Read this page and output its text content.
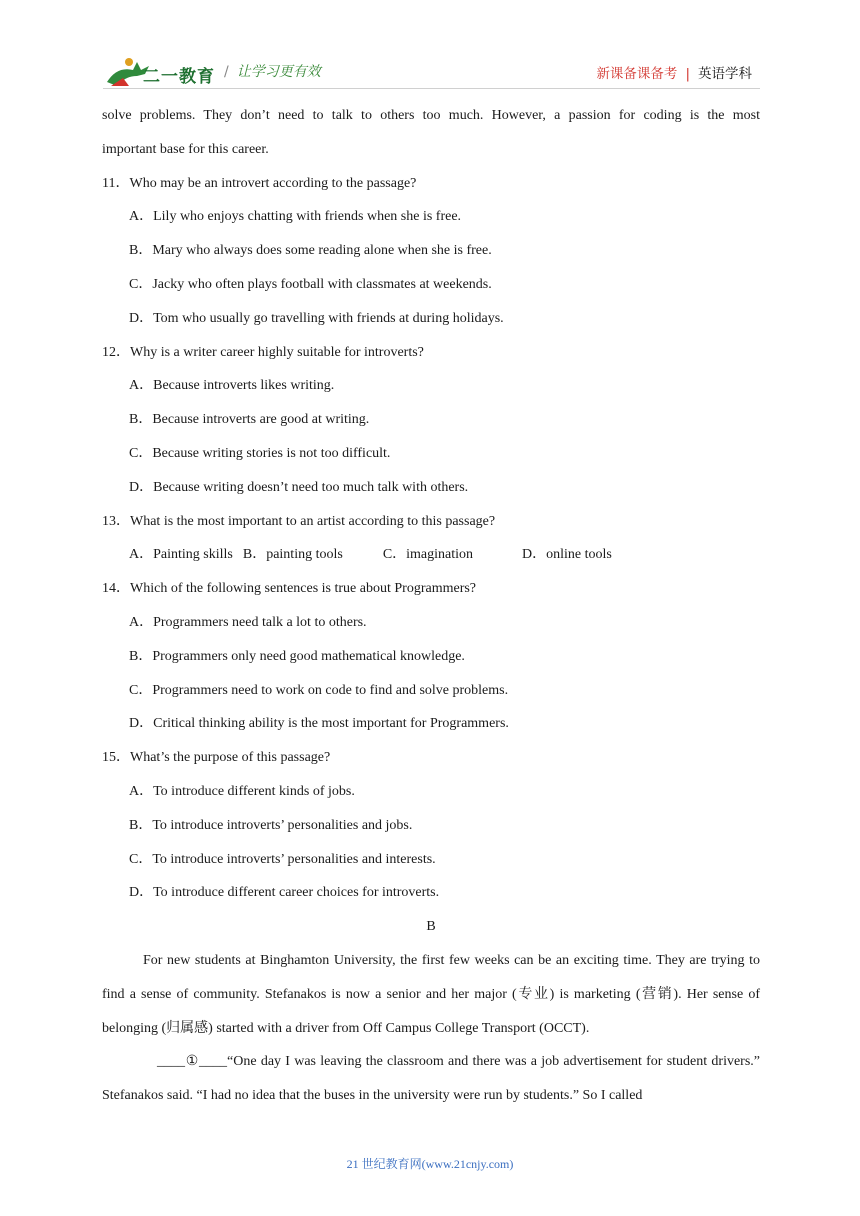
二一教育 / 让学习更有效	新课备课备考 | 英语学科

solve problems. They don’t need to talk to others too much. However, a passion for coding is the most

important base for this career.

11．Who may be an introvert according to the passage?

A．Lily who enjoys chatting with friends when she is free.

B．Mary who always does some reading alone when she is free.

C．Jacky who often plays football with classmates at weekends.

D．Tom who usually go travelling with friends at during holidays.

12．Why is a writer career highly suitable for introverts?

A．Because introverts likes writing.

B．Because introverts are good at writing.

C．Because writing stories is not too difficult.

D．Because writing doesn’t need too much talk with others.

13．What is the most important to an artist according to this passage?

A．Painting skills B．painting tools	C．imagination	D．online tools

14．Which of the following sentences is true about Programmers?

A．Programmers need talk a lot to others.

B．Programmers only need good mathematical knowledge.

C．Programmers need to work on code to find and solve problems.

D．Critical thinking ability is the most important for Programmers.

15．What’s the purpose of this passage?

A．To introduce different kinds of jobs.

B．To introduce introverts’ personalities and jobs.

C．To introduce introverts’ personalities and interests.

D．To introduce different career choices for introverts.

B

For new students at Binghamton University, the first few weeks can be an exciting time. They are trying to find a sense of community. Stefanakos is now a senior and her major (专业) is marketing (营销). Her sense of belonging (归属感) started with a driver from Off Campus College Transport (OCCT).

____①____“One day I was leaving the classroom and there was a job advertisement for student drivers.” Stefanakos said. “I had no idea that the buses in the university were run by students.” So I called

21 世纪教育网(www.21cnjy.com)
